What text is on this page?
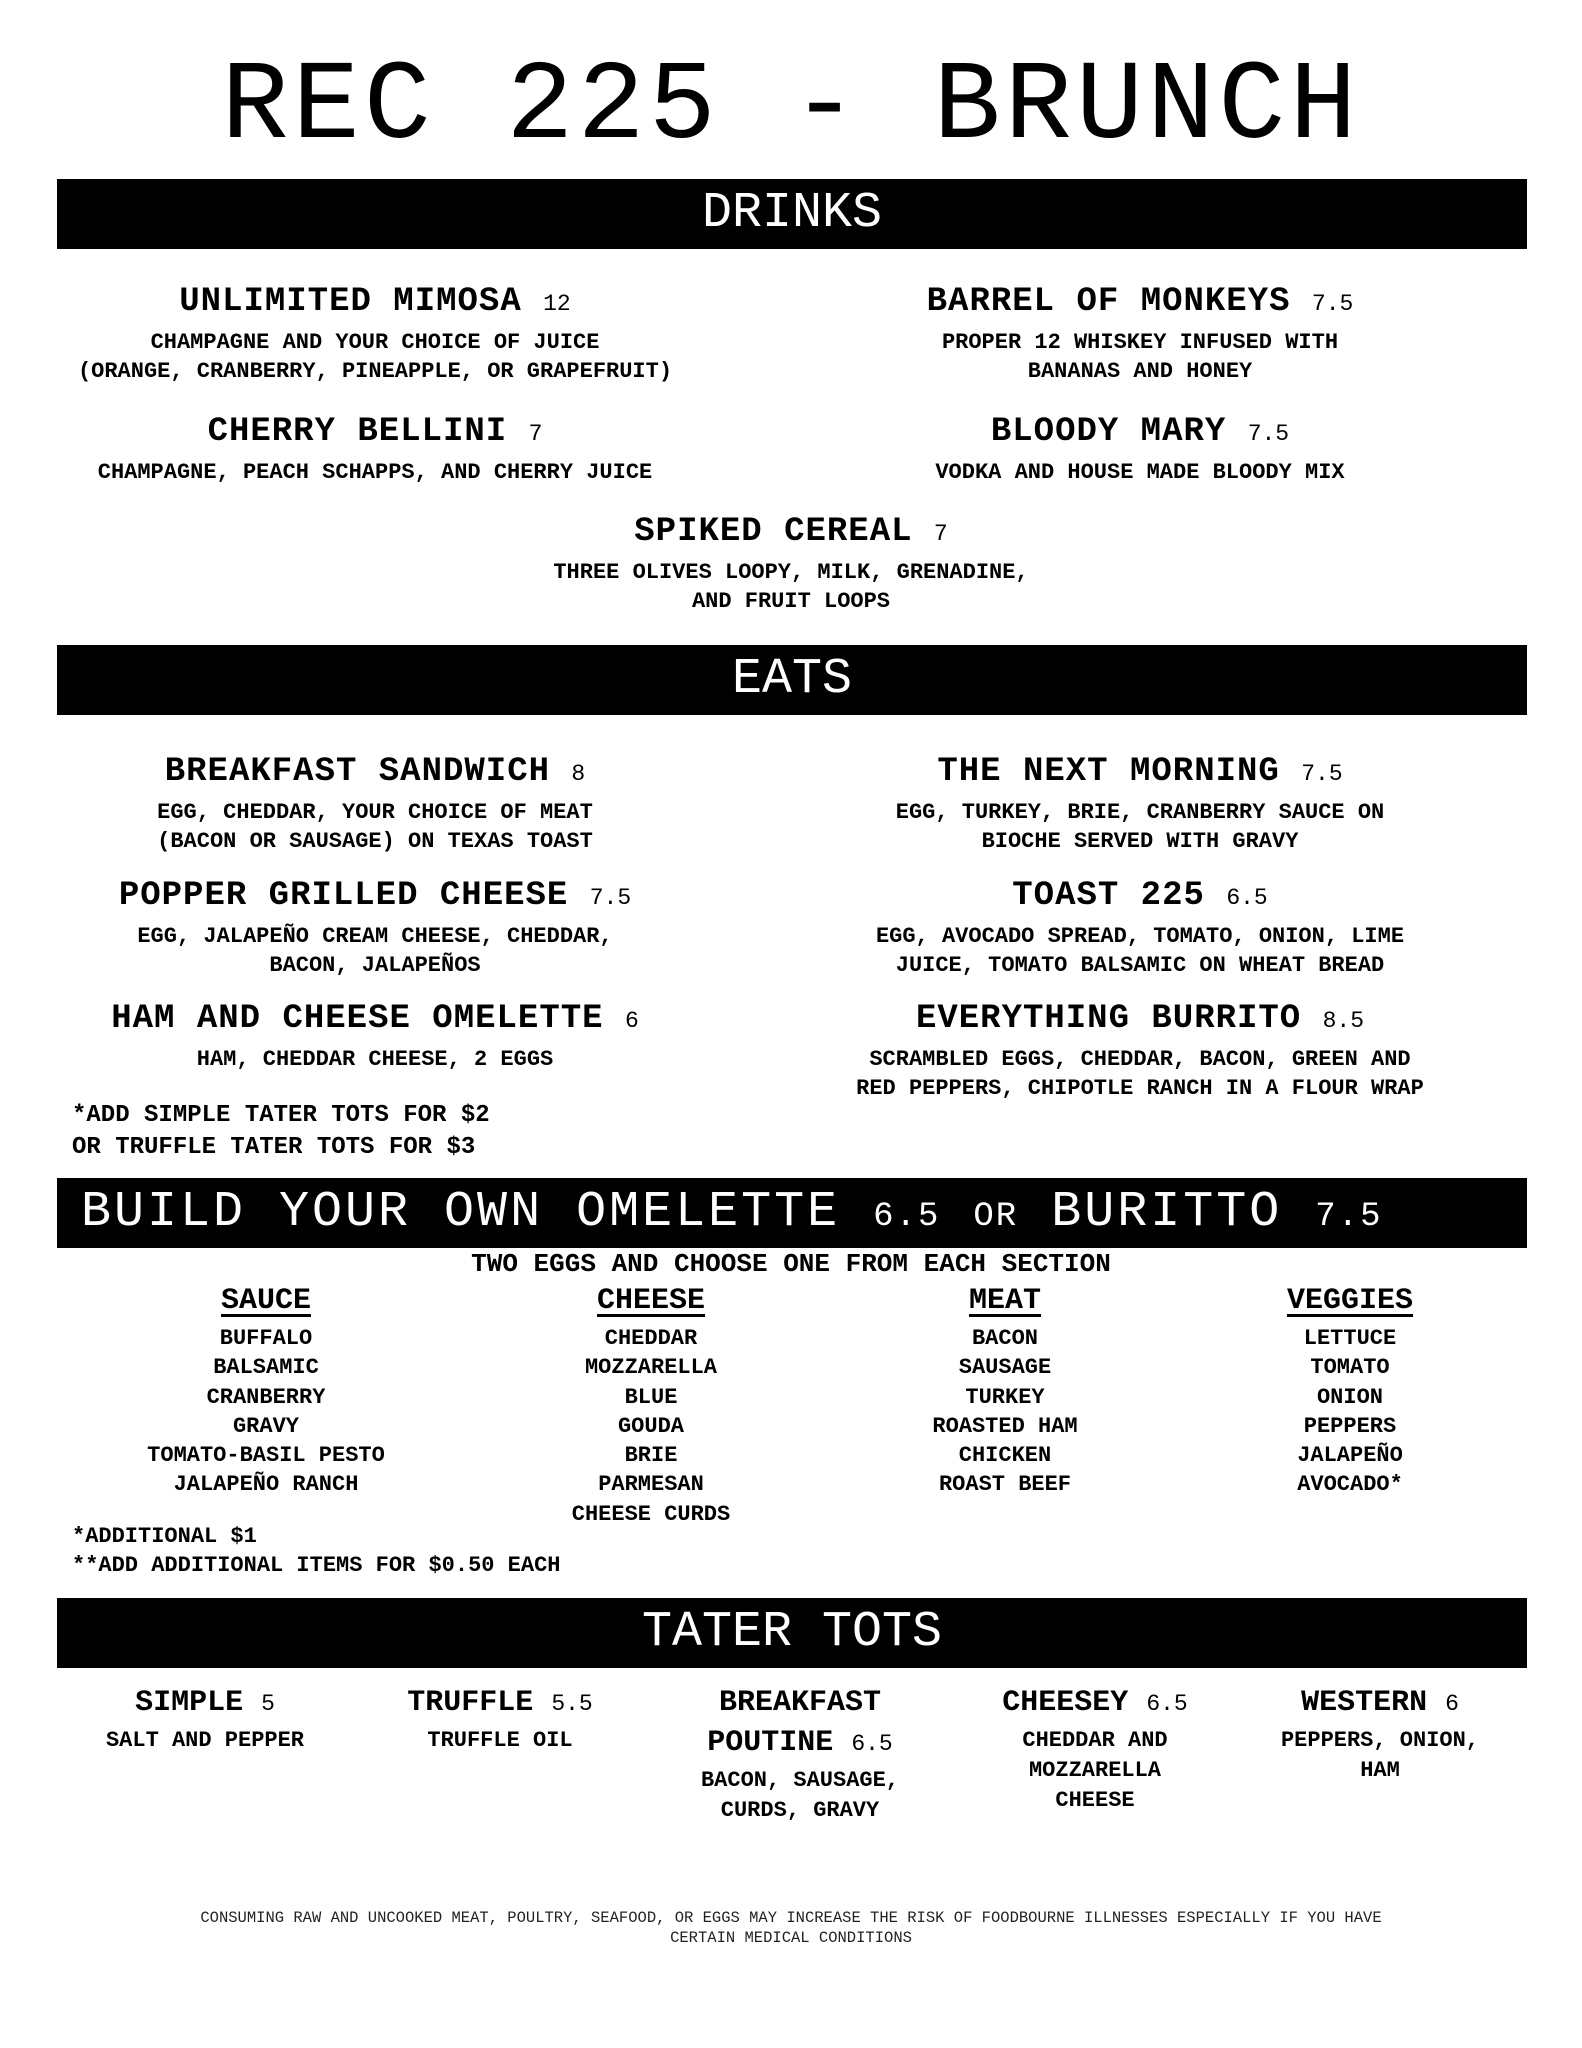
REC 225 - BRUNCH
DRINKS
UNLIMITED MIMOSA 12
CHAMPAGNE AND YOUR CHOICE OF JUICE
(ORANGE, CRANBERRY, PINEAPPLE, OR GRAPEFRUIT)
BARREL OF MONKEYS 7.5
PROPER 12 WHISKEY INFUSED WITH
BANANAS AND HONEY
CHERRY BELLINI 7
CHAMPAGNE, PEACH SCHAPPS, AND CHERRY JUICE
BLOODY MARY 7.5
VODKA AND HOUSE MADE BLOODY MIX
SPIKED CEREAL 7
THREE OLIVES LOOPY, MILK, GRENADINE,
AND FRUIT LOOPS
EATS
BREAKFAST SANDWICH 8
EGG, CHEDDAR, YOUR CHOICE OF MEAT
(BACON OR SAUSAGE) ON TEXAS TOAST
THE NEXT MORNING 7.5
EGG, TURKEY, BRIE, CRANBERRY SAUCE ON
BIOCHE SERVED WITH GRAVY
POPPER GRILLED CHEESE 7.5
EGG, JALAPEÑO CREAM CHEESE, CHEDDAR,
BACON, JALAPEÑOS
TOAST 225 6.5
EGG, AVOCADO SPREAD, TOMATO, ONION, LIME
JUICE, TOMATO BALSAMIC ON WHEAT BREAD
HAM AND CHEESE OMELETTE 6
HAM, CHEDDAR CHEESE, 2 EGGS
EVERYTHING BURRITO 8.5
SCRAMBLED EGGS, CHEDDAR, BACON, GREEN AND
RED PEPPERS, CHIPOTLE RANCH IN A FLOUR WRAP
*ADD SIMPLE TATER TOTS FOR $2
OR TRUFFLE TATER TOTS FOR $3
BUILD YOUR OWN OMELETTE 6.5 OR BURITTO 7.5
TWO EGGS AND CHOOSE ONE FROM EACH SECTION
SAUCE
BUFFALO
BALSAMIC
CRANBERRY
GRAVY
TOMATO-BASIL PESTO
JALAPEÑO RANCH
CHEESE
CHEDDAR
MOZZARELLA
BLUE
GOUDA
BRIE
PARMESAN
CHEESE CURDS
MEAT
BACON
SAUSAGE
TURKEY
ROASTED HAM
CHICKEN
ROAST BEEF
VEGGIES
LETTUCE
TOMATO
ONION
PEPPERS
JALAPEÑO
AVOCADO*
*ADDITIONAL $1
**ADD ADDITIONAL ITEMS FOR $0.50 EACH
TATER TOTS
SIMPLE 5
SALT AND PEPPER
TRUFFLE 5.5
TRUFFLE OIL
BREAKFAST
POUTINE 6.5
BACON, SAUSAGE,
CURDS, GRAVY
CHEESEY 6.5
CHEDDAR AND
MOZZARELLA
CHEESE
WESTERN 6
PEPPERS, ONION,
HAM
CONSUMING RAW AND UNCOOKED MEAT, POULTRY, SEAFOOD, OR EGGS MAY INCREASE THE RISK OF FOODBOURNE ILLNESSES ESPECIALLY IF YOU HAVE
CERTAIN MEDICAL CONDITIONS
